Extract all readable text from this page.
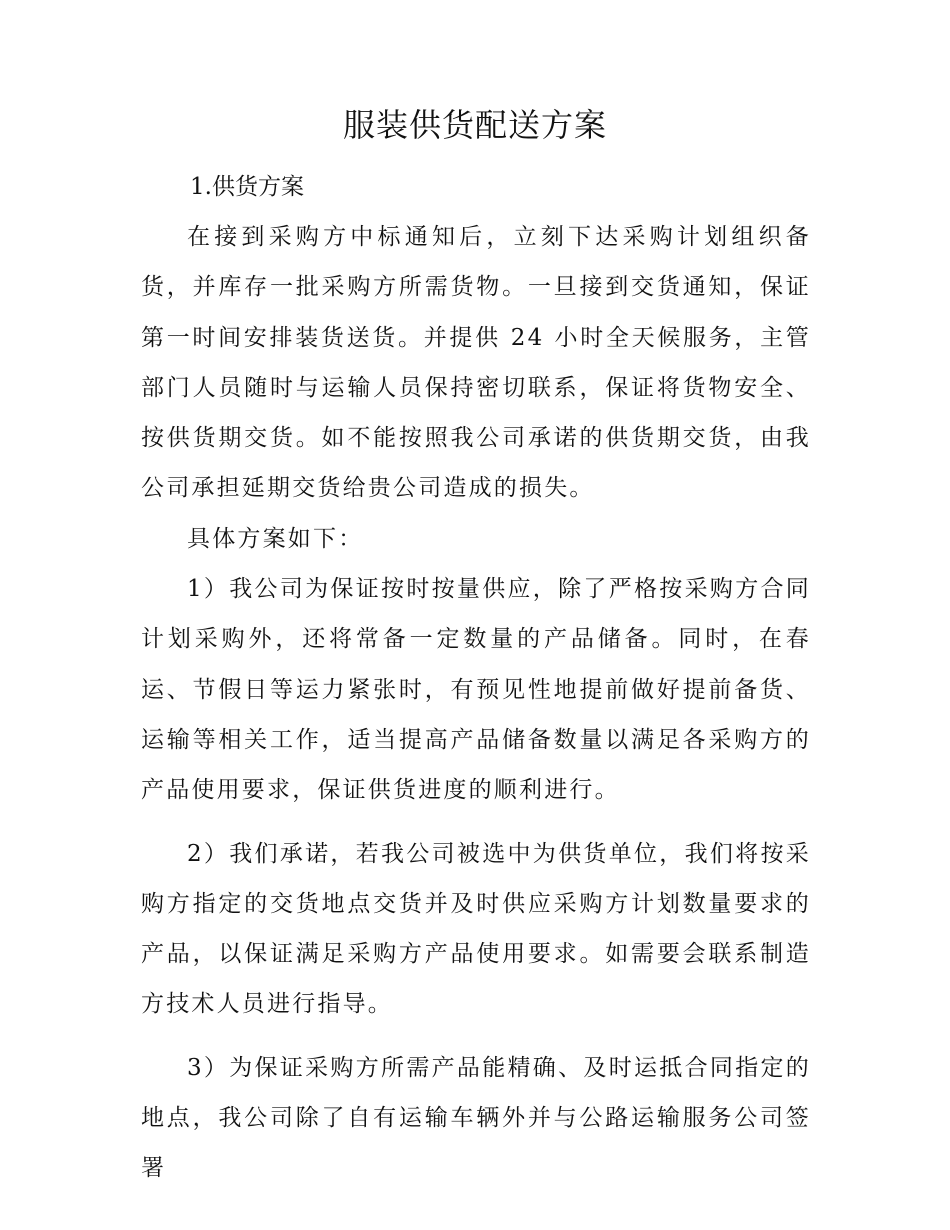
服装供货配送方案
1.供货方案

在接到采购方中标通知后，立刻下达采购计划组织备货，并库存一批采购方所需货物。一旦接到交货通知，保证第一时间安排装货送货。并提供 24 小时全天候服务，主管部门人员随时与运输人员保持密切联系，保证将货物安全、按供货期交货。如不能按照我公司承诺的供货期交货，由我公司承担延期交货给贵公司造成的损失。

具体方案如下：

1）我公司为保证按时按量供应，除了严格按采购方合同计划采购外，还将常备一定数量的产品储备。同时，在春运、节假日等运力紧张时，有预见性地提前做好提前备货、运输等相关工作，适当提高产品储备数量以满足各采购方的产品使用要求，保证供货进度的顺利进行。

2）我们承诺，若我公司被选中为供货单位，我们将按采购方指定的交货地点交货并及时供应采购方计划数量要求的产品，以保证满足采购方产品使用要求。如需要会联系制造方技术人员进行指导。

3）为保证采购方所需产品能精确、及时运抵合同指定的地点，我公司除了自有运输车辆外并与公路运输服务公司签署
